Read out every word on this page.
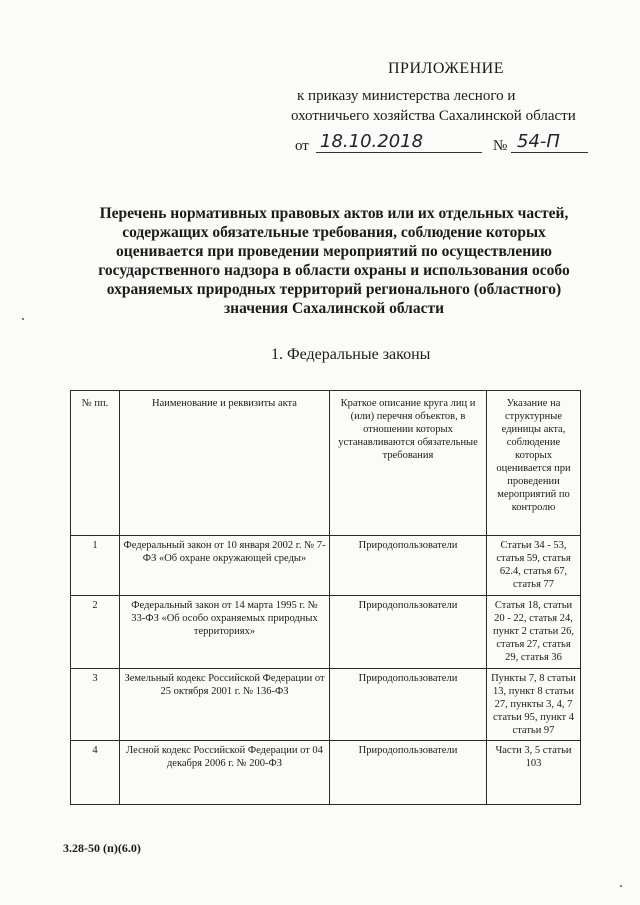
ПРИЛОЖЕНИЕ
к приказу министерства лесного и
охотничьего хозяйства Сахалинской области
от 18.10.2018	№ 54-П
Перечень нормативных правовых актов или их отдельных частей,
содержащих обязательные требования, соблюдение которых
оценивается при проведении мероприятий по осуществлению
государственного надзора в области охраны и использования особо
охраняемых природных территорий регионального (областного)
значения Сахалинской области
1. Федеральные законы
№ пп.	Наименование и реквизиты акта	Краткое описание круга лиц и (или) перечня объектов, в отношении которых устанавливаются обязательные требования	Указание на структурные единицы акта, соблюдение которых оценивается при проведении мероприятий по контролю
1	Федеральный закон от 10 января 2002 г. № 7-ФЗ «Об охране окружающей среды»	Природопользователи	Статьи 34 - 53, статья 59, статья 62.4, статья 67, статья 77
2	Федеральный закон от 14 марта 1995 г. № 33-ФЗ «Об особо охраняемых природных территориях»	Природопользователи	Статья 18, статьи 20 - 22, статья 24, пункт 2 статьи 26, статья 27, статья 29, статья 36
3	Земельный кодекс Российской Федерации от 25 октября 2001 г. № 136-ФЗ	Природопользователи	Пункты 7, 8 статьи 13, пункт 8 статьи 27, пункты 3, 4, 7 статьи 95, пункт 4 статьи 97
4	Лесной кодекс Российской Федерации от 04 декабря 2006 г. № 200-ФЗ	Природопользователи	Части 3, 5 статьи 103
3.28-50 (п)(6.0)
